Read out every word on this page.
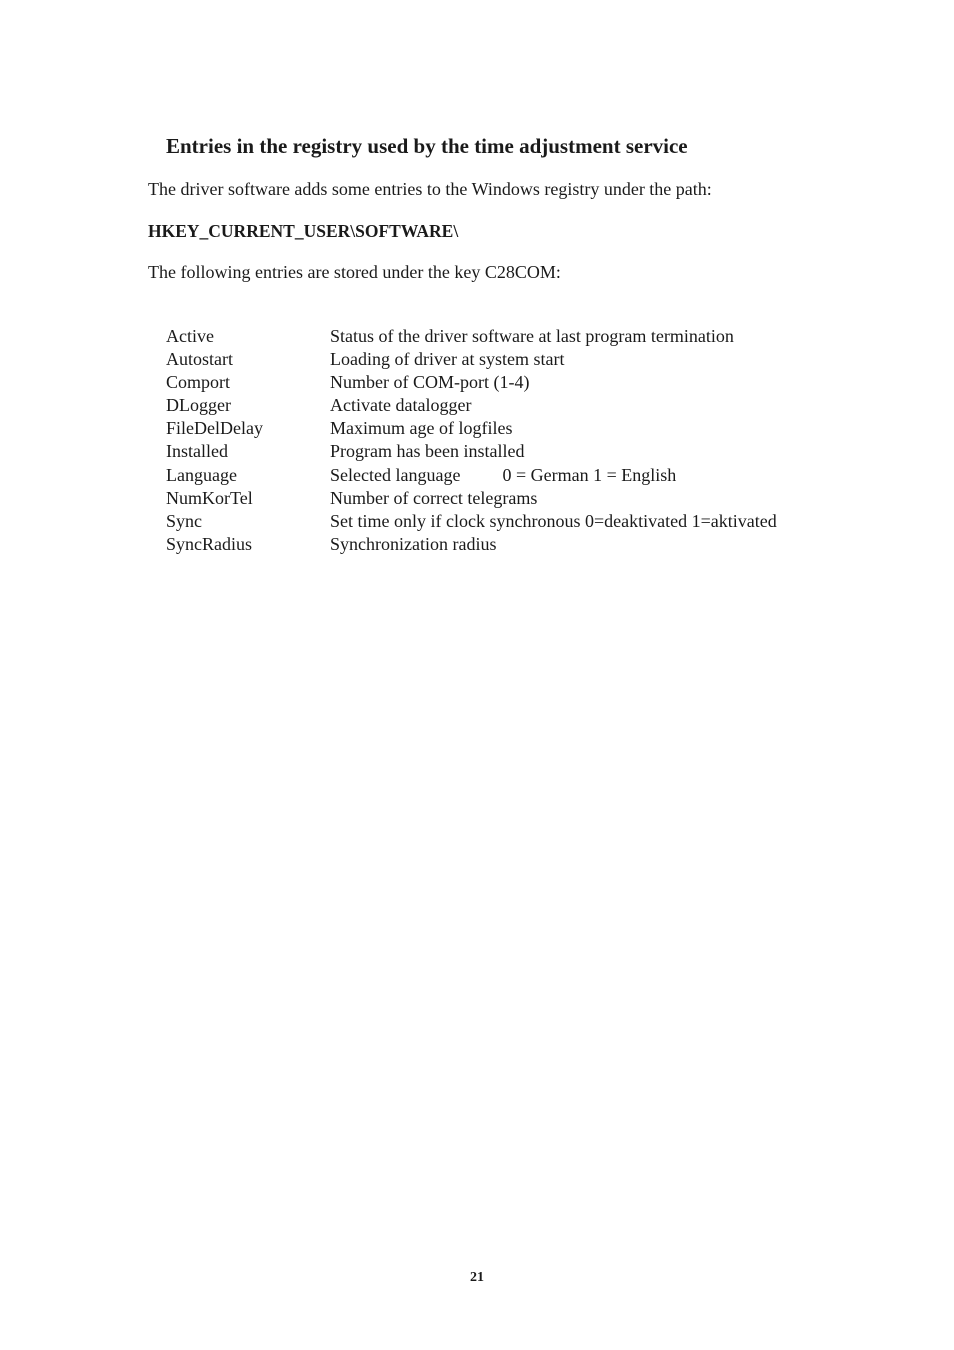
Entries in the registry used by the time adjustment service

The driver software adds some entries to the Windows registry under the path:

HKEY_CURRENT_USER\SOFTWARE\

The following entries are stored under the key C28COM:

Active	Status of the driver software at last program termination
Autostart	Loading of driver at system start
Comport	Number of COM-port (1-4)
DLogger	Activate datalogger
FileDelDelay	Maximum age of logfiles
Installed	Program has been installed
Language	Selected language 0 = German 1 = English
NumKorTel	Number of correct telegrams
Sync	Set time only if clock synchronous 0=deaktivated 1=aktivated
SyncRadius	Synchronization radius
21
